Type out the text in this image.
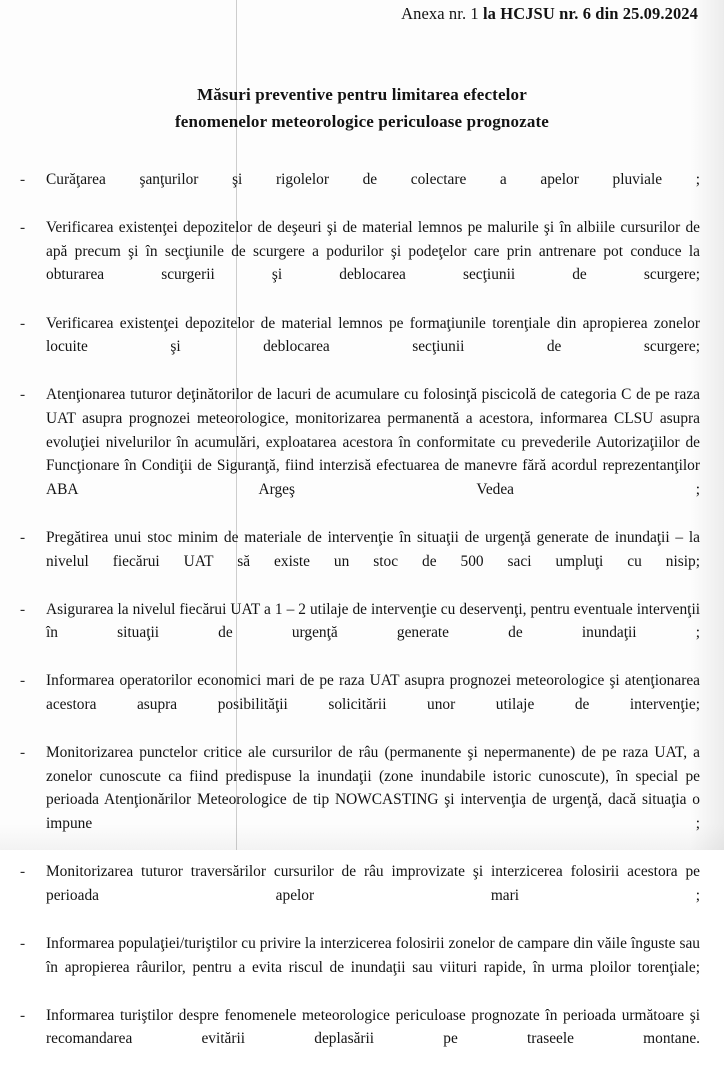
Anexa nr. 1 la HCJSU nr. 6 din 25.09.2024
Măsuri preventive pentru limitarea efectelor
fenomenelor meteorologice periculoase prognozate
-	Curăţarea şanţurilor şi rigolelor de colectare a apelor pluviale ;
-	Verificarea existenţei depozitelor de deşeuri şi de material lemnos pe malurile şi în albiile cursurilor de apă precum şi în secţiunile de scurgere a podurilor şi podeţelor care prin antrenare pot conduce la obturarea scurgerii şi deblocarea secţiunii de scurgere;
-	Verificarea existenţei depozitelor de material lemnos pe formaţiunile torenţiale din apropierea zonelor locuite şi deblocarea secţiunii de scurgere;
-	Atenţionarea tuturor deţinătorilor de lacuri de acumulare cu folosinţă piscicolă de categoria C de pe raza UAT asupra prognozei meteorologice, monitorizarea permanentă a acestora, informarea CLSU asupra evoluţiei nivelurilor în acumulări, exploatarea acestora în conformitate cu prevederile Autorizaţiilor de Funcţionare în Condiţii de Siguranţă, fiind interzisă efectuarea de manevre fără acordul reprezentanţilor ABA Argeş Vedea ;
-	Pregătirea unui stoc minim de materiale de intervenţie în situaţii de urgenţă generate de inundaţii – la nivelul fiecărui UAT să existe un stoc de 500 saci umpluţi cu nisip;
-	Asigurarea la nivelul fiecărui UAT a 1 – 2 utilaje de intervenţie cu deservenţi, pentru eventuale intervenţii în situaţii de urgenţă generate de inundaţii ;
-	Informarea operatorilor economici mari de pe raza UAT asupra prognozei meteorologice şi atenţionarea acestora asupra posibilităţii solicitării unor utilaje de intervenţie;
-	Monitorizarea punctelor critice ale cursurilor de râu (permanente şi nepermanente) de pe raza UAT, a zonelor cunoscute ca fiind predispuse la inundaţii (zone inundabile istoric cunoscute), în special pe perioada Atenţionărilor Meteorologice de tip NOWCASTING şi intervenţia de urgenţă, dacă situaţia o impune ;
-	Monitorizarea tuturor traversărilor cursurilor de râu improvizate şi interzicerea folosirii acestora pe perioada apelor mari ;
-	Informarea populaţiei/turiştilor cu privire la interzicerea folosirii zonelor de campare din văile înguste sau în apropierea râurilor, pentru a evita riscul de inundaţii sau viituri rapide, în urma ploilor torenţiale;
-	Informarea turiştilor despre fenomenele meteorologice periculoase prognozate în perioada următoare şi recomandarea evitării deplasării pe traseele montane.
